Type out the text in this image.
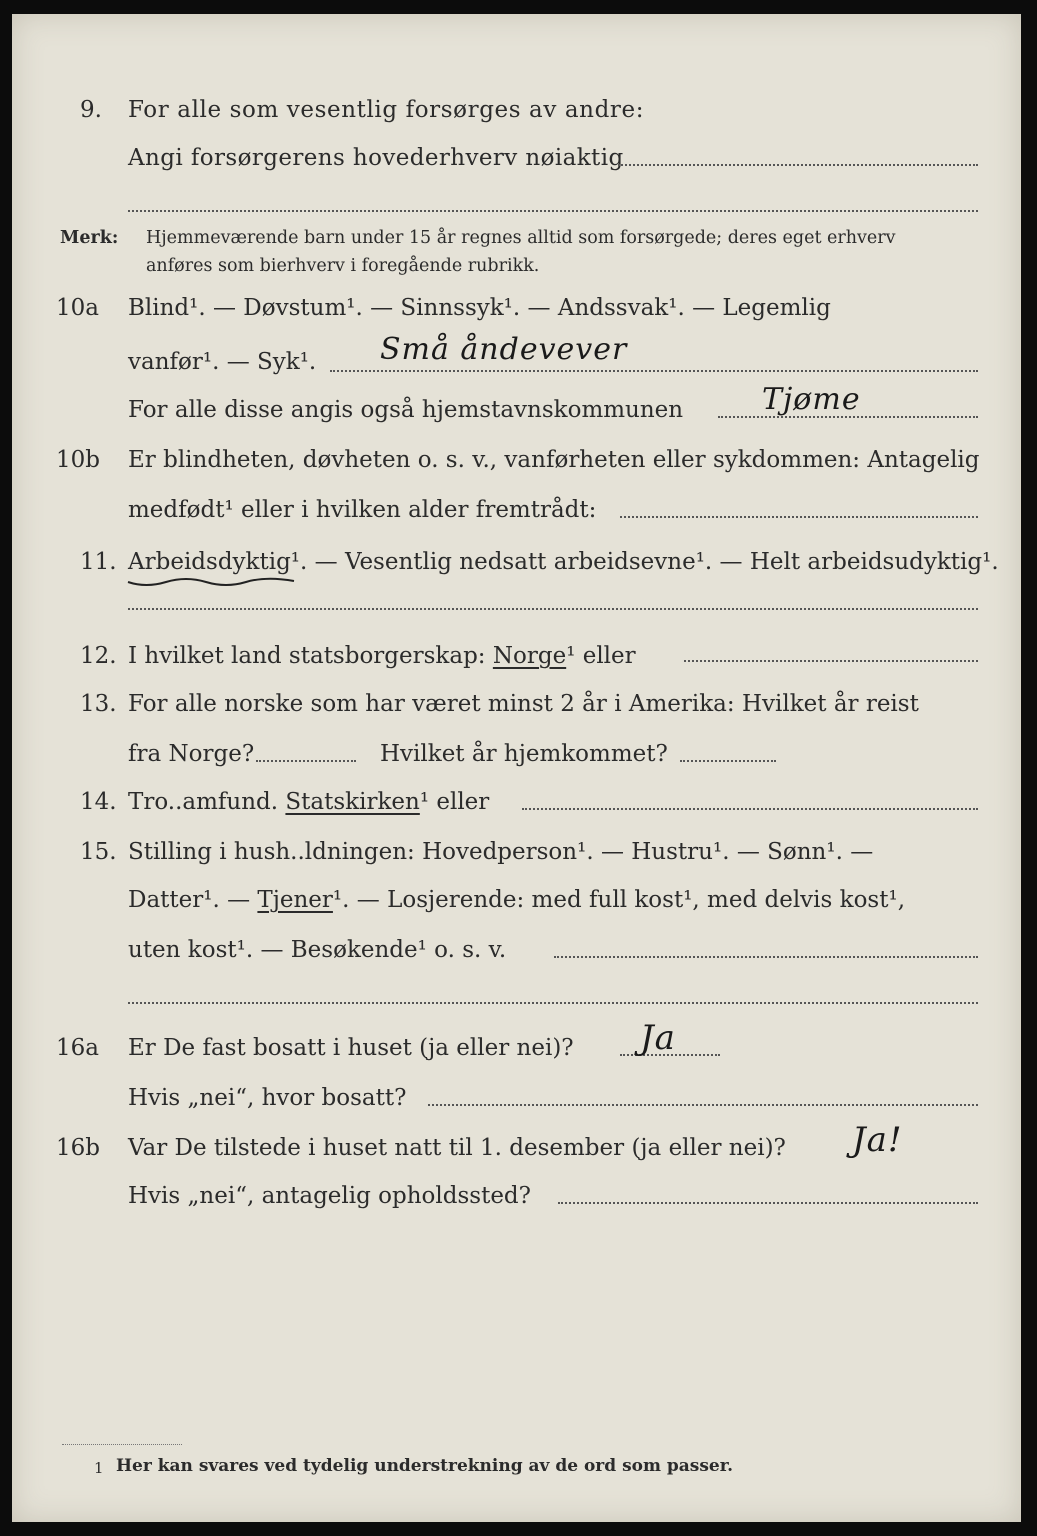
9. For alle som vesentlig forsørges av andre:
Angi forsørgerens hovederhverv nøiaktig
Merk: Hjemmeværende barn under 15 år regnes alltid som forsørgede; deres eget erhverv
anføres som bierhverv i foregående rubrikk.
10a Blind¹. — Døvstum¹. — Sinnssyk¹. — Andssvak¹. — Legemlig
vanfør¹. — Syk¹. Små åndevever
For alle disse angis også hjemstavnskommunen	Tjøme
10b Er blindheten, døvheten o. s. v., vanførheten eller sykdommen: Antagelig
medfødt¹ eller i hvilken alder fremtrådt:
11. Arbeidsdyktig¹. — Vesentlig nedsatt arbeidsevne¹. — Helt arbeidsudyktig¹.
12. I hvilket land statsborgerskap: Norge¹ eller
13. For alle norske som har været minst 2 år i Amerika: Hvilket år reist
fra Norge?	Hvilket år hjemkommet?
14. Tro..amfund. Statskirken¹ eller
15. Stilling i hush..ldningen: Hovedperson¹. — Hustru¹. — Sønn¹. —
Datter¹. — Tjener¹. — Losjerende: med full kost¹, med delvis kost¹,
uten kost¹. — Besøkende¹ o. s. v.
16a Er De fast bosatt i huset (ja eller nei)? Ja
Hvis „nei“, hvor bosatt?
16b Var De tilstede i huset natt til 1. desember (ja eller nei)? Ja!
Hvis „nei“, antagelig opholdssted?
1 Her kan svares ved tydelig understrekning av de ord som passer.
